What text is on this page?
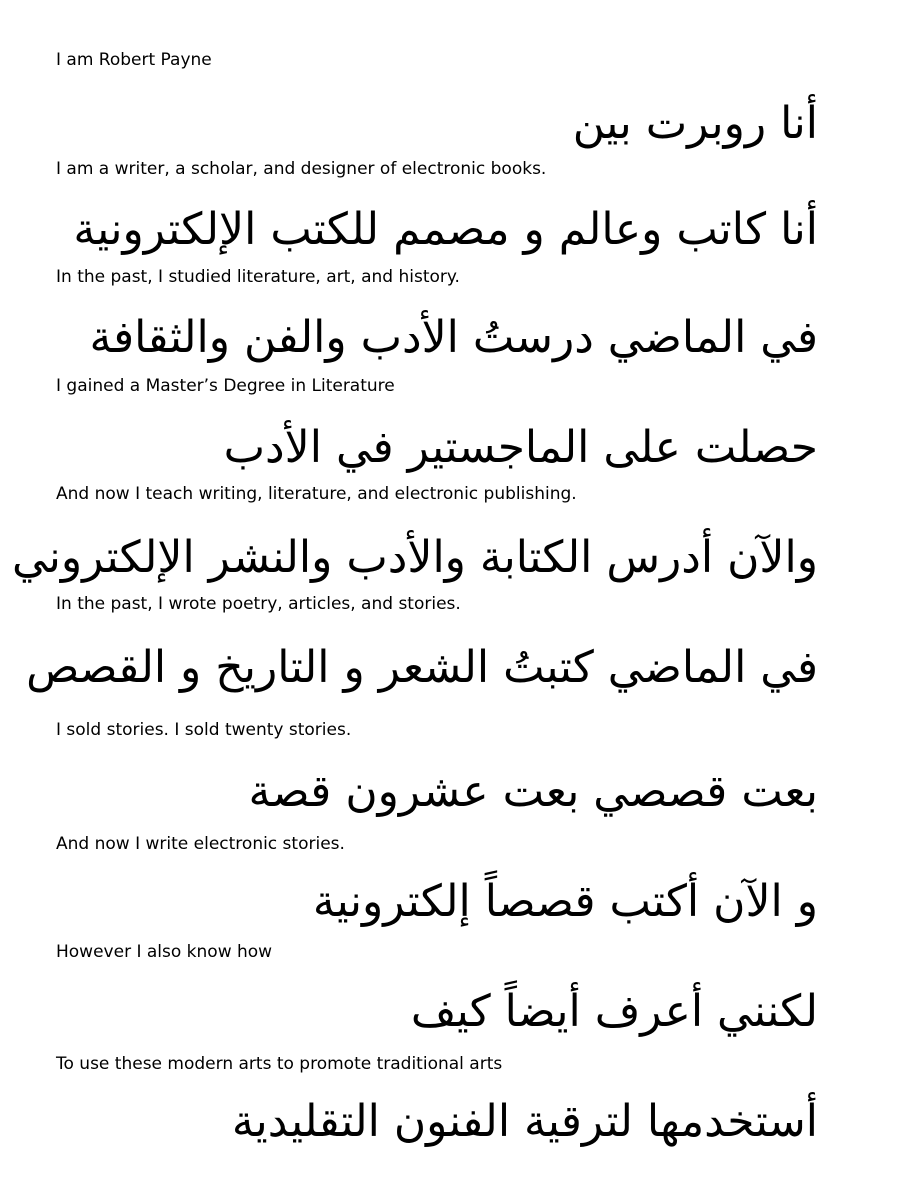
I am Robert Payne
أنا روبرت بين
I am a writer, a scholar, and designer of electronic books.
أنا كاتب وعالم و مصمم للكتب الإلكترونية
In the past, I studied literature, art, and history.
في الماضي درستُ الأدب والفن والثقافة
I gained a Master’s Degree in Literature
حصلت على الماجستير في الأدب
And now I teach writing, literature, and electronic publishing.
والآن أدرس الكتابة والأدب والنشر الإلكتروني
In the past, I wrote poetry, articles, and stories.
في الماضي كتبتُ الشعر و التاريخ و القصص
I sold stories. I sold twenty stories.
بعت قصصي بعت عشرون قصة
And now I write electronic stories.
و الآن أكتب قصصاً إلكترونية
However I also know how
لكنني أعرف أيضاً كيف
To use these modern arts to promote traditional arts
أستخدمها لترقية الفنون التقليدية
